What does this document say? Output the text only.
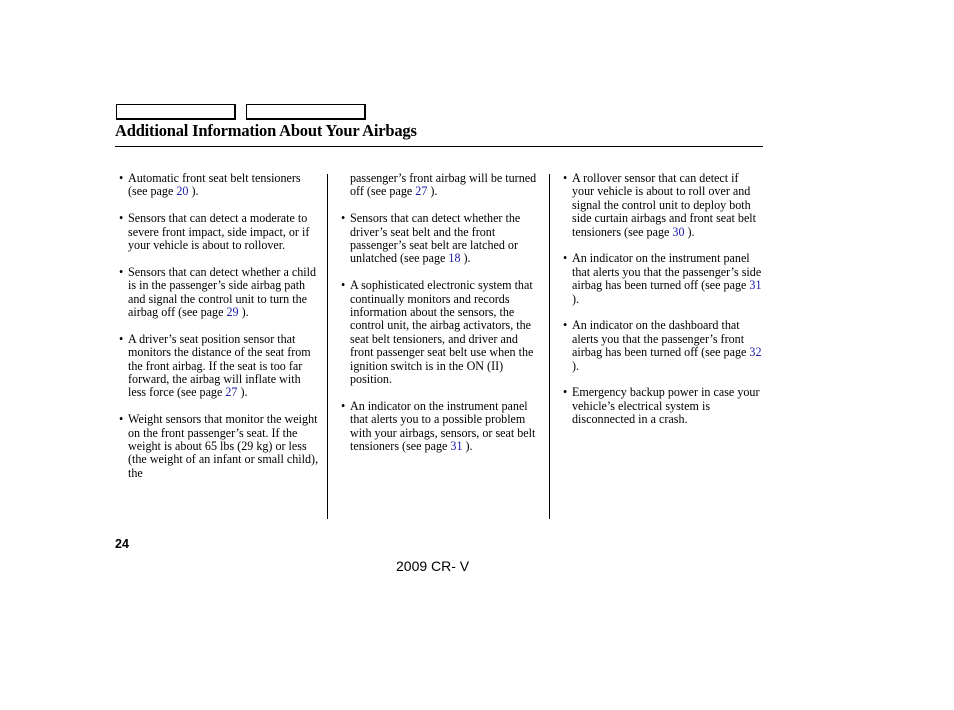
Additional Information About Your Airbags
• Automatic front seat belt tensioners (see page 20 ).
• Sensors that can detect a moderate to severe front impact, side impact, or if your vehicle is about to rollover.
• Sensors that can detect whether a child is in the passenger’s side airbag path and signal the control unit to turn the airbag off (see page 29 ).
• A driver’s seat position sensor that monitors the distance of the seat from the front airbag. If the seat is too far forward, the airbag will inflate with less force (see page 27 ).
• Weight sensors that monitor the weight on the front passenger’s seat. If the weight is about 65 lbs (29 kg) or less (the weight of an infant or small child), the
passenger’s front airbag will be turned off (see page 27 ).
• Sensors that can detect whether the driver’s seat belt and the front passenger’s seat belt are latched or unlatched (see page 18 ).
• A sophisticated electronic system that continually monitors and records information about the sensors, the control unit, the airbag activators, the seat belt tensioners, and driver and front passenger seat belt use when the ignition switch is in the ON (II) position.
• An indicator on the instrument panel that alerts you to a possible problem with your airbags, sensors, or seat belt tensioners (see page 31 ).
• A rollover sensor that can detect if your vehicle is about to roll over and signal the control unit to deploy both side curtain airbags and front seat belt tensioners (see page 30 ).
• An indicator on the instrument panel that alerts you that the passenger’s side airbag has been turned off (see page 31 ).
• An indicator on the dashboard that alerts you that the passenger’s front airbag has been turned off (see page 32 ).
• Emergency backup power in case your vehicle’s electrical system is disconnected in a crash.
24
2009 CR- V
